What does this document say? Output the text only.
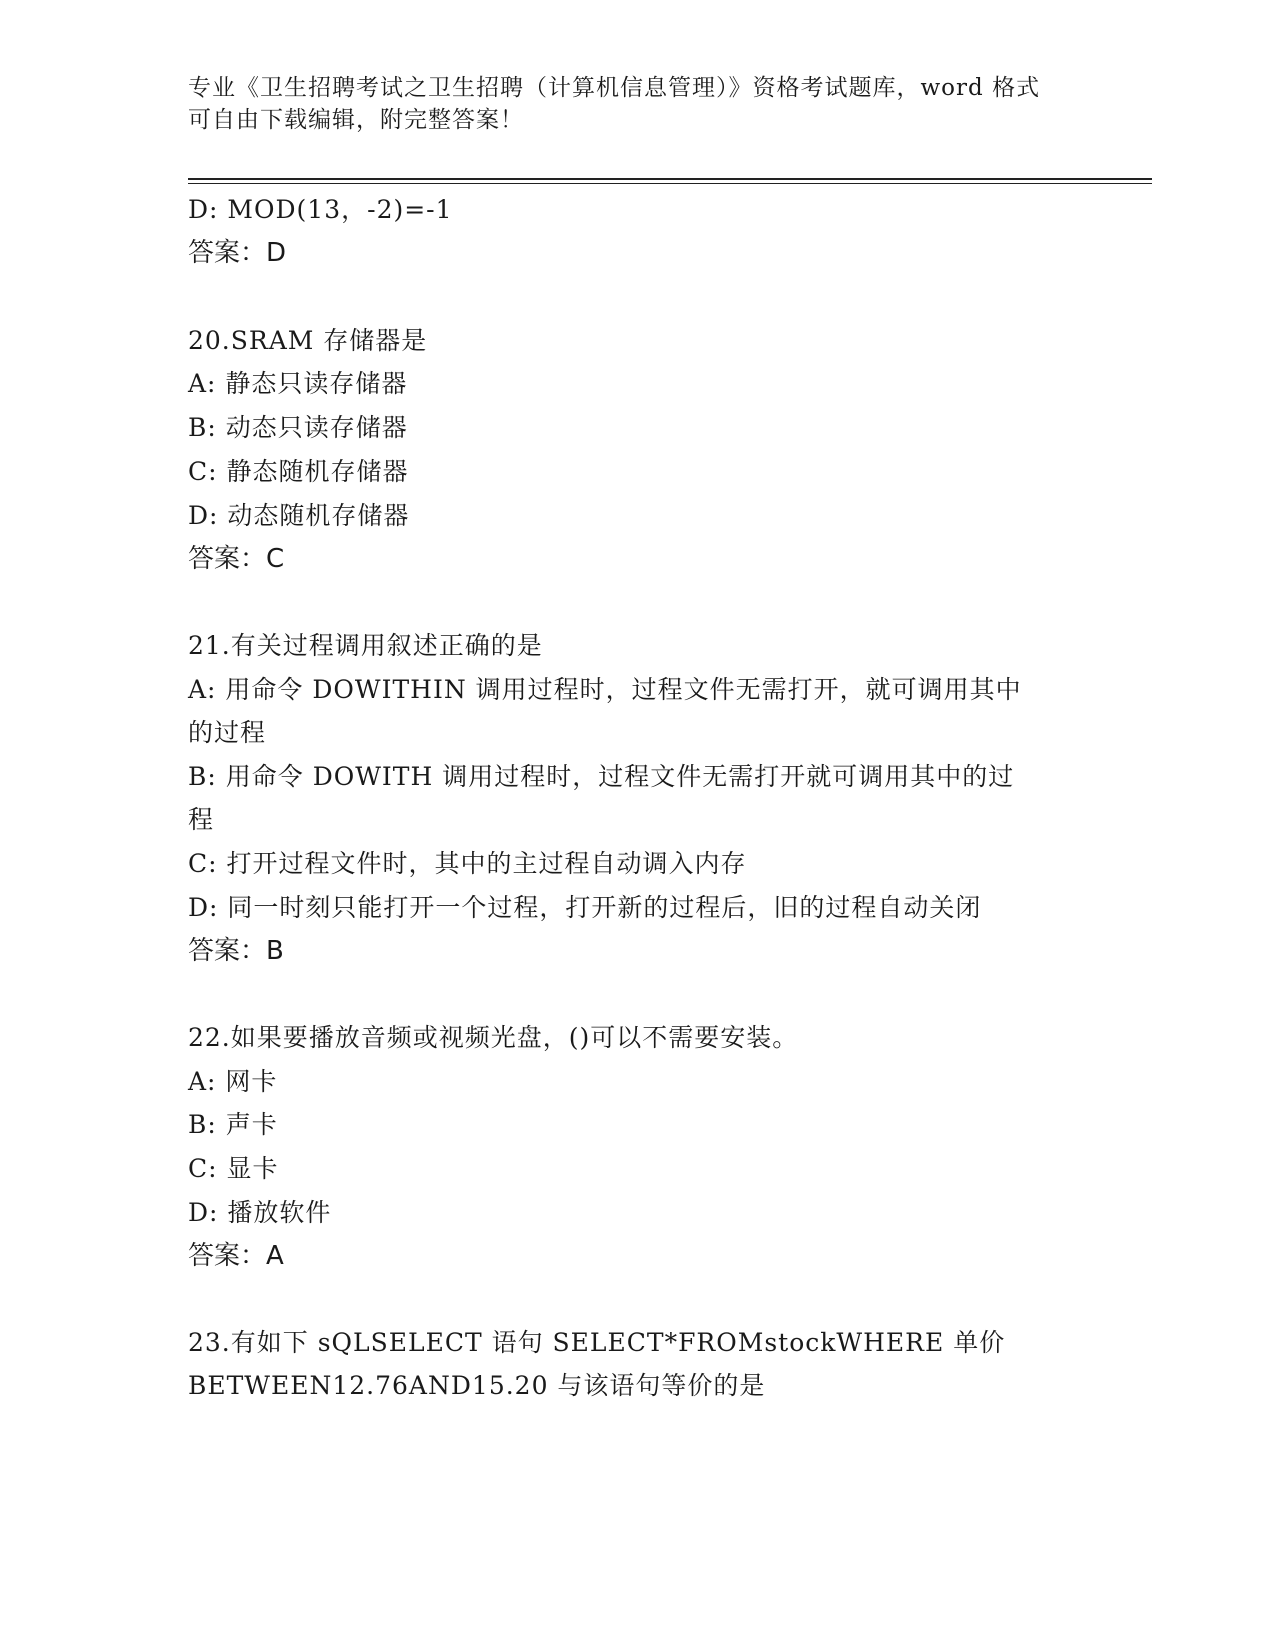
专业《卫生招聘考试之卫生招聘（计算机信息管理）》资格考试题库，word 格式
可自由下载编辑，附完整答案！
D: MOD(13，-2)=-1
答案：D
20.SRAM 存储器是
A: 静态只读存储器
B: 动态只读存储器
C: 静态随机存储器
D: 动态随机存储器
答案：C
21.有关过程调用叙述正确的是
A: 用命令 DOWITHIN 调用过程时，过程文件无需打开，就可调用其中
的过程
B: 用命令 DOWITH 调用过程时，过程文件无需打开就可调用其中的过
程
C: 打开过程文件时，其中的主过程自动调入内存
D: 同一时刻只能打开一个过程，打开新的过程后，旧的过程自动关闭
答案：B
22.如果要播放音频或视频光盘，()可以不需要安装。
A: 网卡
B: 声卡
C: 显卡
D: 播放软件
答案：A
23.有如下 sQLSELECT 语句 SELECT*FROMstockWHERE 单价
BETWEEN12.76AND15.20 与该语句等价的是
